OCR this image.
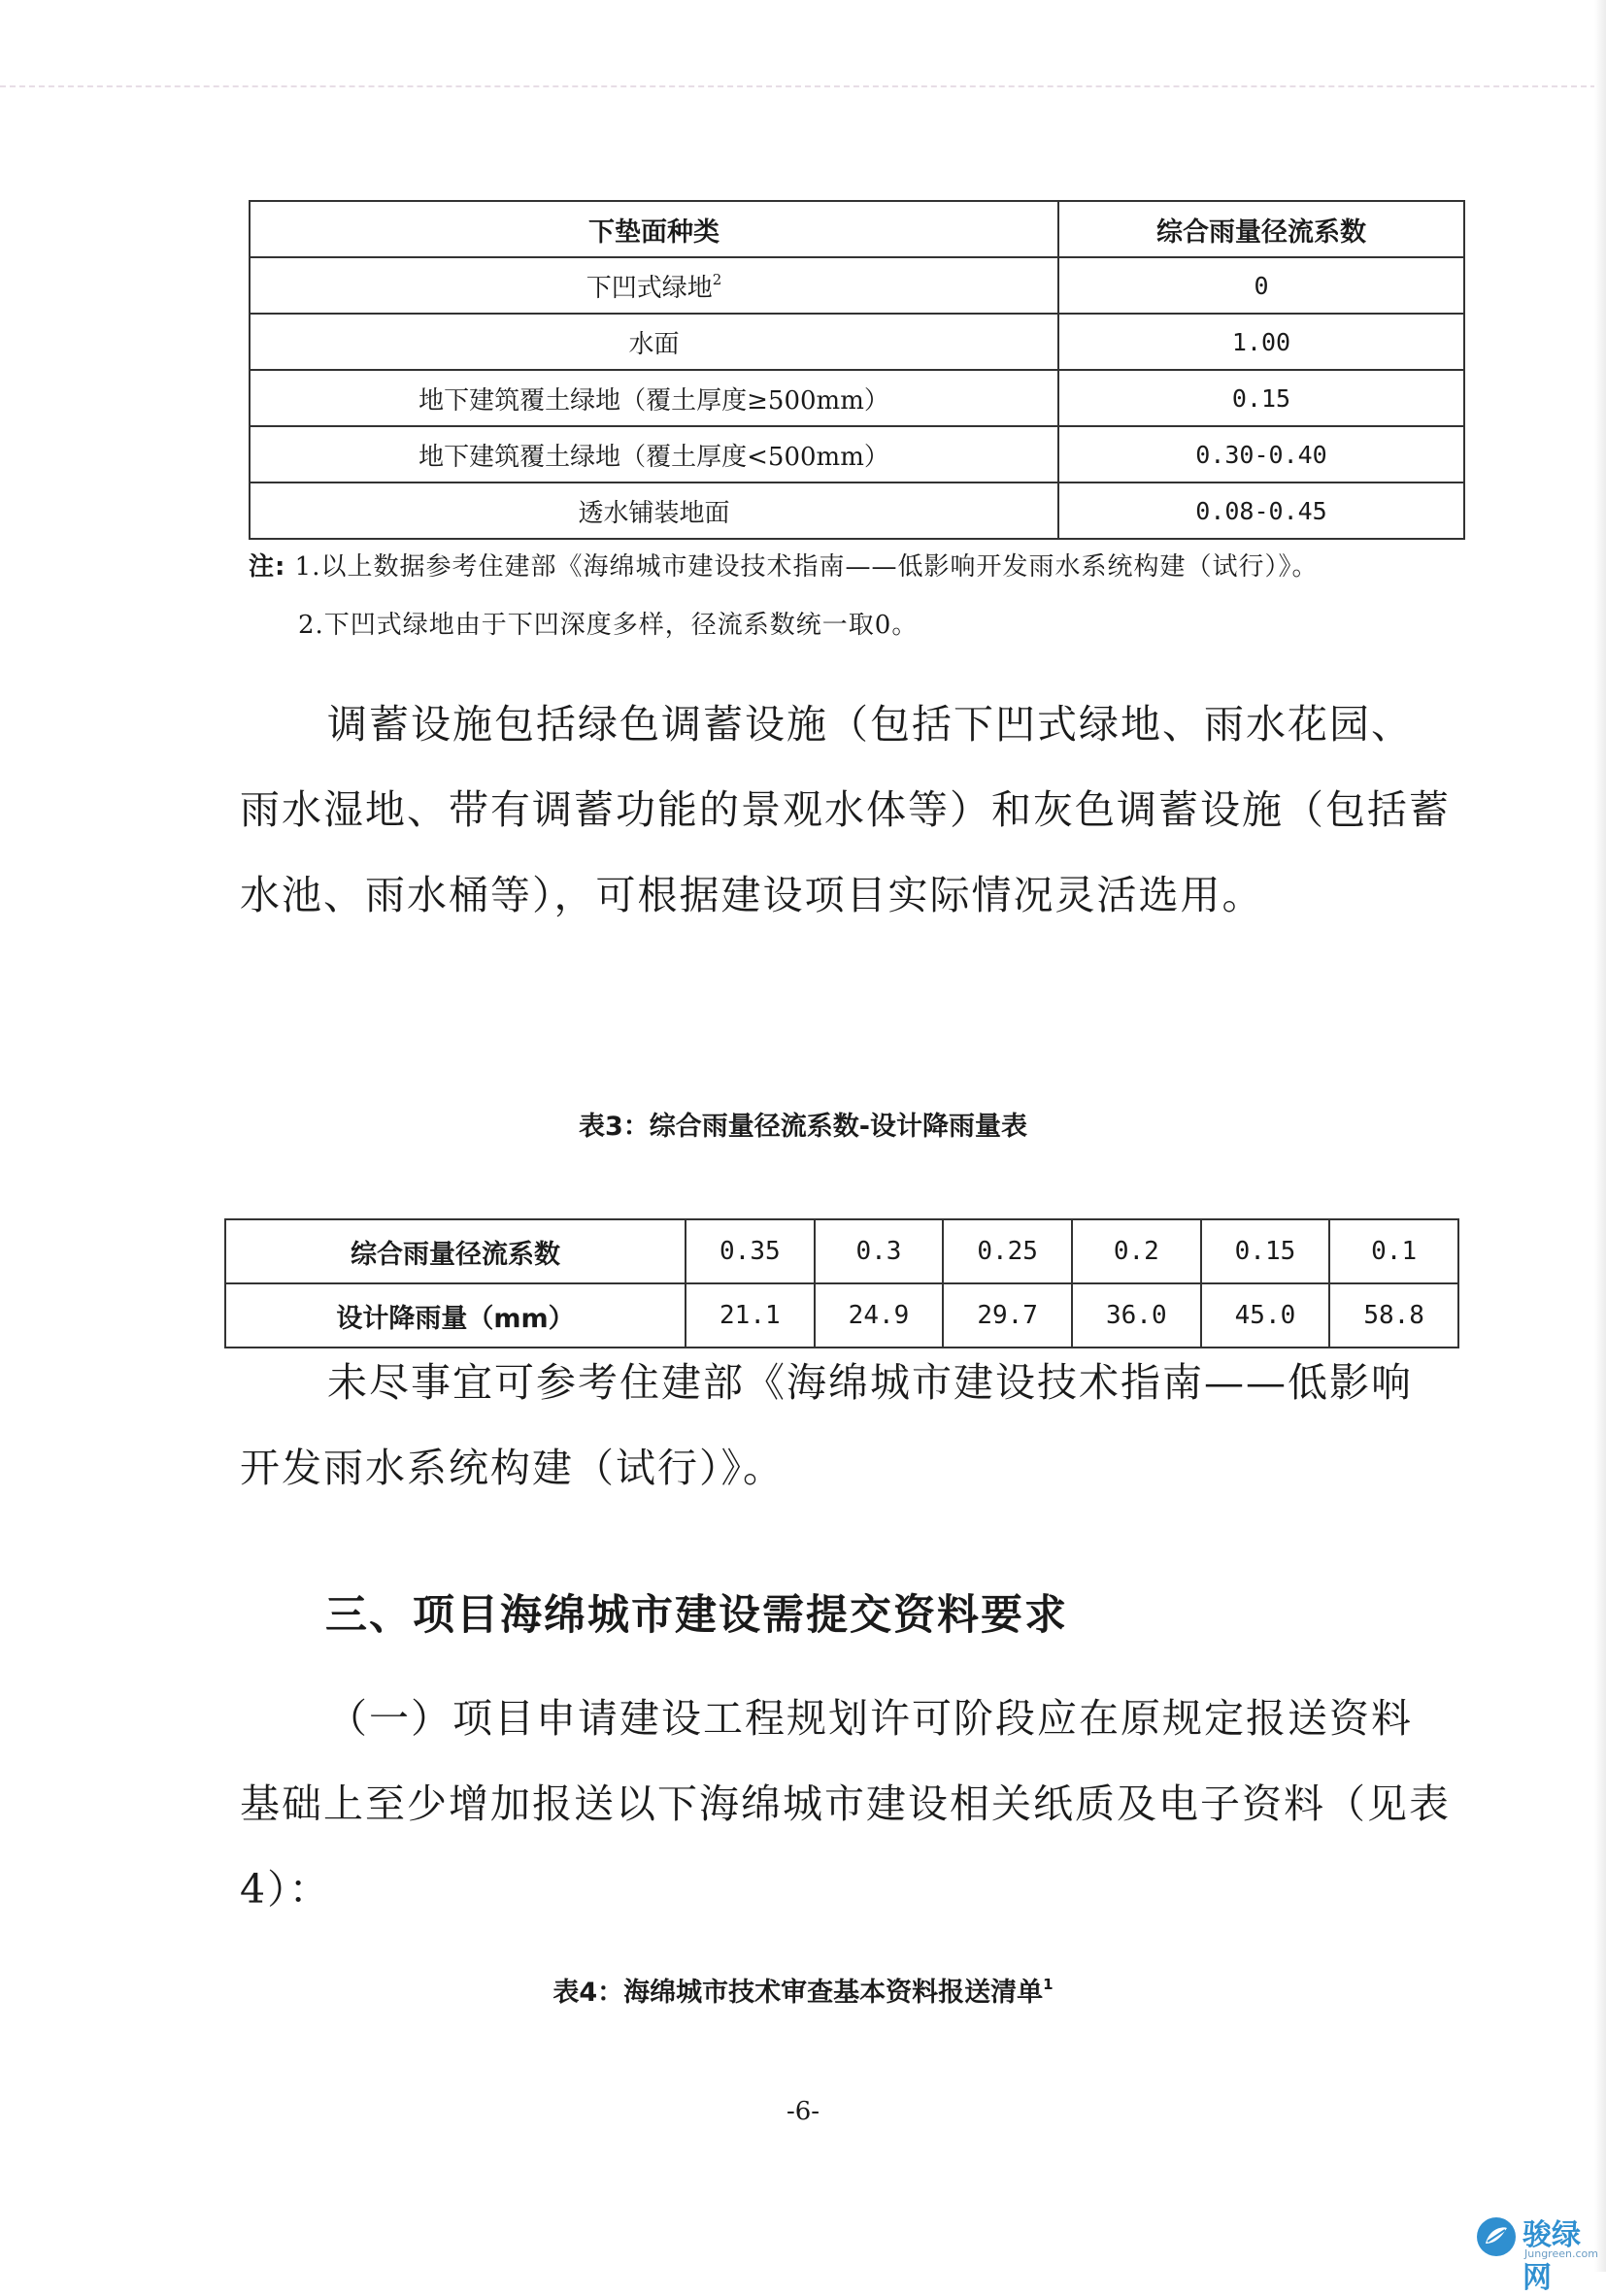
下垫面种类	综合雨量径流系数
下凹式绿地$^2$	0
水面	1.00
地下建筑覆土绿地（覆土厚度≥500mm）	0.15
地下建筑覆土绿地（覆土厚度<500mm）	0.30-0.40
透水铺装地面	0.08-0.45
注: 1.以上数据参考住建部《海绵城市建设技术指南——低影响开发雨水系统构建（试行）》。
2.下凹式绿地由于下凹深度多样，径流系数统一取0。

调蓄设施包括绿色调蓄设施（包括下凹式绿地、雨水花园、雨水湿地、带有调蓄功能的景观水体等）和灰色调蓄设施（包括蓄水池、雨水桶等），可根据建设项目实际情况灵活选用。

表3：综合雨量径流系数-设计降雨量表
综合雨量径流系数	0.35	0.3	0.25	0.2	0.15	0.1
设计降雨量（mm）	21.1	24.9	29.7	36.0	45.0	58.8

未尽事宜可参考住建部《海绵城市建设技术指南——低影响开发雨水系统构建（试行）》。

三、项目海绵城市建设需提交资料要求

（一）项目申请建设工程规划许可阶段应在原规定报送资料基础上至少增加报送以下海绵城市建设相关纸质及电子资料（见表4）：

表4：海绵城市技术审查基本资料报送清单$^1$
-6-
骏绿网
Jungreen.com
